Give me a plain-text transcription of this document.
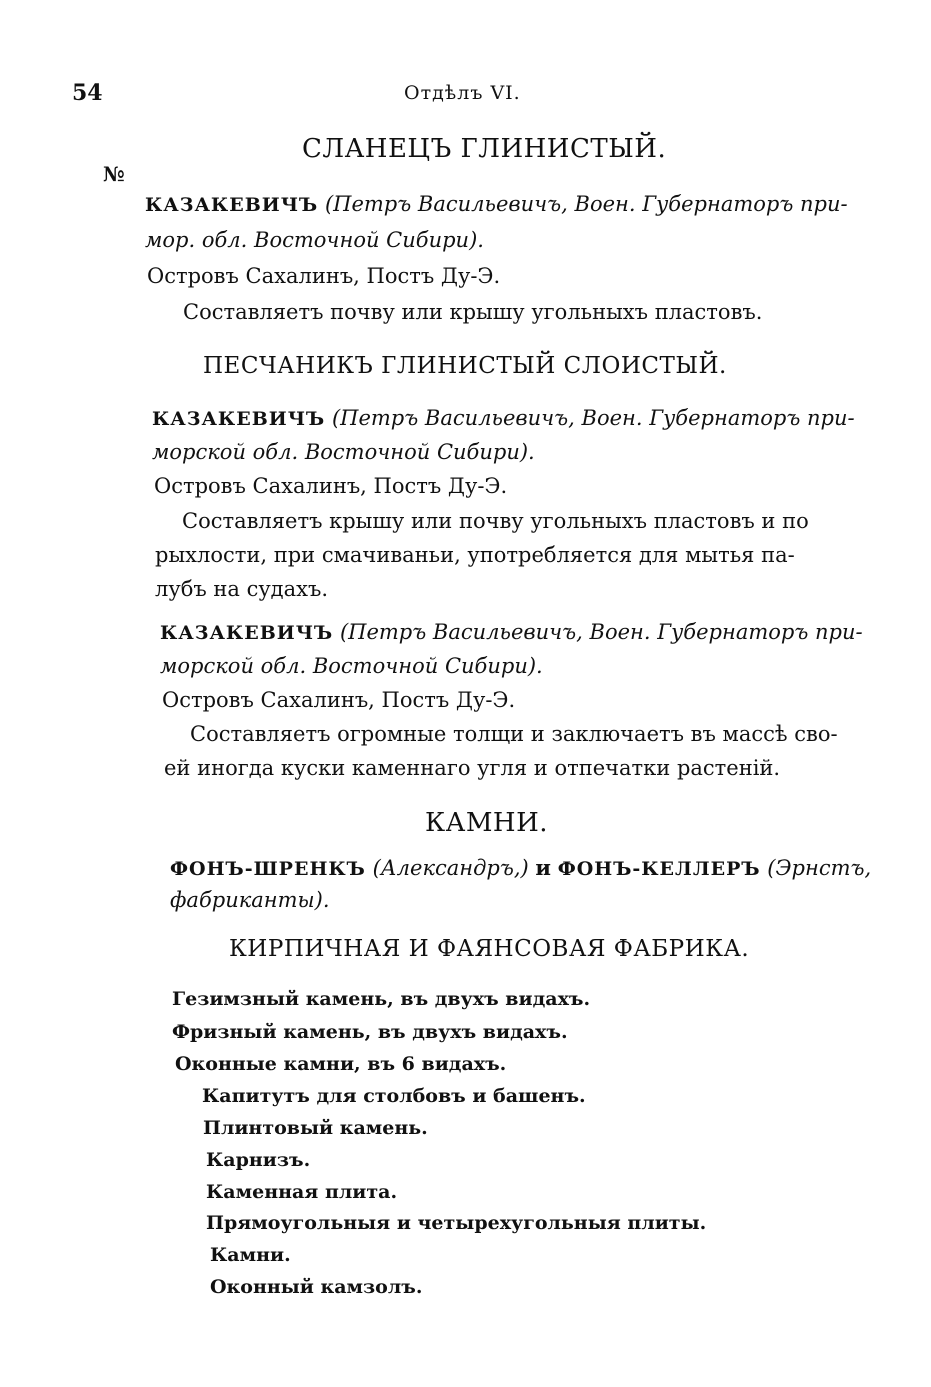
54	Отдѣлъ VI.
№
СЛАНЕЦЪ ГЛИНИСТЫЙ.
КАЗАКЕВИЧЪ (Петръ Васильевичъ, Воен. Губернаторъ при-
мор. обл. Восточной Сибири).
Островъ Сахалинъ, Постъ Ду-Э.
Составляетъ почву или крышу угольныхъ пластовъ.
ПЕСЧАНИКЪ ГЛИНИСТЫЙ СЛОИСТЫЙ.
КАЗАКЕВИЧЪ (Петръ Васильевичъ, Воен. Губернаторъ при-
морской обл. Восточной Сибири).
Островъ Сахалинъ, Постъ Ду-Э.
Составляетъ крышу или почву угольныхъ пластовъ и по
рыхлости, при смачиваньи, употребляется для мытья па-
лубъ на судахъ.
КАЗАКЕВИЧЪ (Петръ Васильевичъ, Воен. Губернаторъ при-
морской обл. Восточной Сибири).
Островъ Сахалинъ, Постъ Ду-Э.
Составляетъ огромные толщи и заключаетъ въ массѣ сво-
ей иногда куски каменнаго угля и отпечатки растеній.
КАМНИ.
ФОНЪ-ШРЕНКЪ (Александръ,) и ФОНЪ-КЕЛЛЕРЪ (Эрнстъ,
фабриканты).
КИРПИЧНАЯ И ФАЯНСОВАЯ ФАБРИКА.
Гезимзный камень, въ двухъ видахъ.
Фризный камень, въ двухъ видахъ.
Оконные камни, въ 6 видахъ.
Капитутъ для столбовъ и башенъ.
Плинтовый камень.
Карнизъ.
Каменная плита.
Прямоугольныя и четырехугольныя плиты.
Камни.
Оконный камзолъ.
